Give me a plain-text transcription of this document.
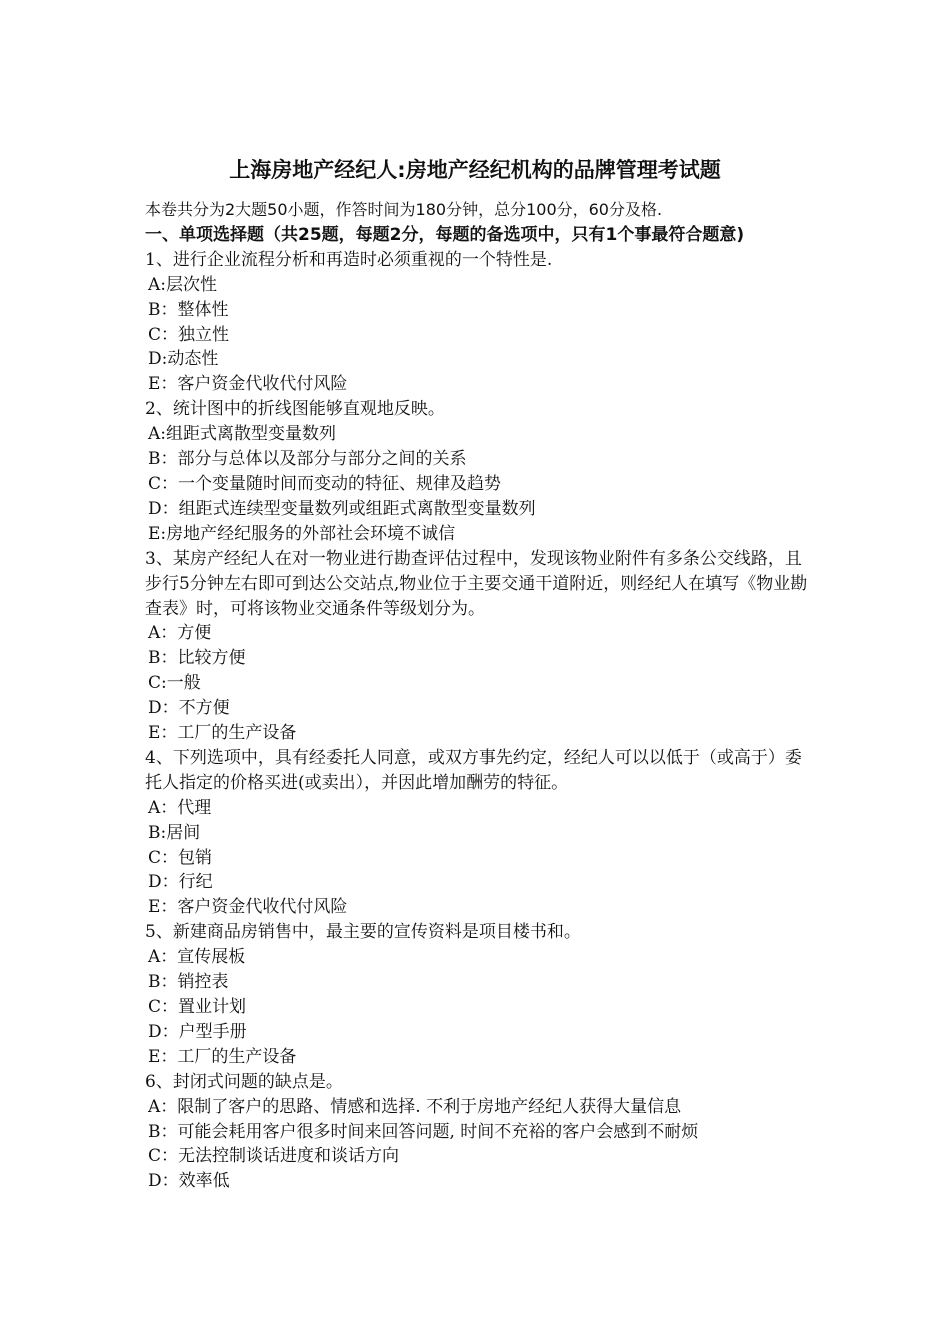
上海房地产经纪人:房地产经纪机构的品牌管理考试题

本卷共分为2大题50小题，作答时间为180分钟，总分100分，60分及格.

一、单项选择题（共25题，每题2分，每题的备选项中，只有1个事最符合题意)

1、进行企业流程分析和再造时必须重视的一个特性是.

A:层次性

B：整体性

C：独立性

D:动态性

E：客户资金代收代付风险

2、统计图中的折线图能够直观地反映。

A:组距式离散型变量数列

B：部分与总体以及部分与部分之间的关系

C：一个变量随时间而变动的特征、规律及趋势

D：组距式连续型变量数列或组距式离散型变量数列

E:房地产经纪服务的外部社会环境不诚信

3、某房产经纪人在对一物业进行勘查评估过程中，发现该物业附件有多条公交线路，且步行5分钟左右即可到达公交站点,物业位于主要交通干道附近，则经纪人在填写《物业勘查表》时，可将该物业交通条件等级划分为。

A：方便

B：比较方便

C:一般

D：不方便

E：工厂的生产设备

4、下列选项中，具有经委托人同意，或双方事先约定，经纪人可以以低于（或高于）委托人指定的价格买进(或卖出），并因此增加酬劳的特征。

A：代理

B:居间

C：包销

D：行纪

E：客户资金代收代付风险

5、新建商品房销售中，最主要的宣传资料是项目楼书和。

A：宣传展板

B：销控表

C：置业计划

D：户型手册

E：工厂的生产设备

6、封闭式问题的缺点是。

A：限制了客户的思路、情感和选择. 不利于房地产经纪人获得大量信息

B：可能会耗用客户很多时间来回答问题, 时间不充裕的客户会感到不耐烦

C：无法控制谈话进度和谈话方向

D：效率低
